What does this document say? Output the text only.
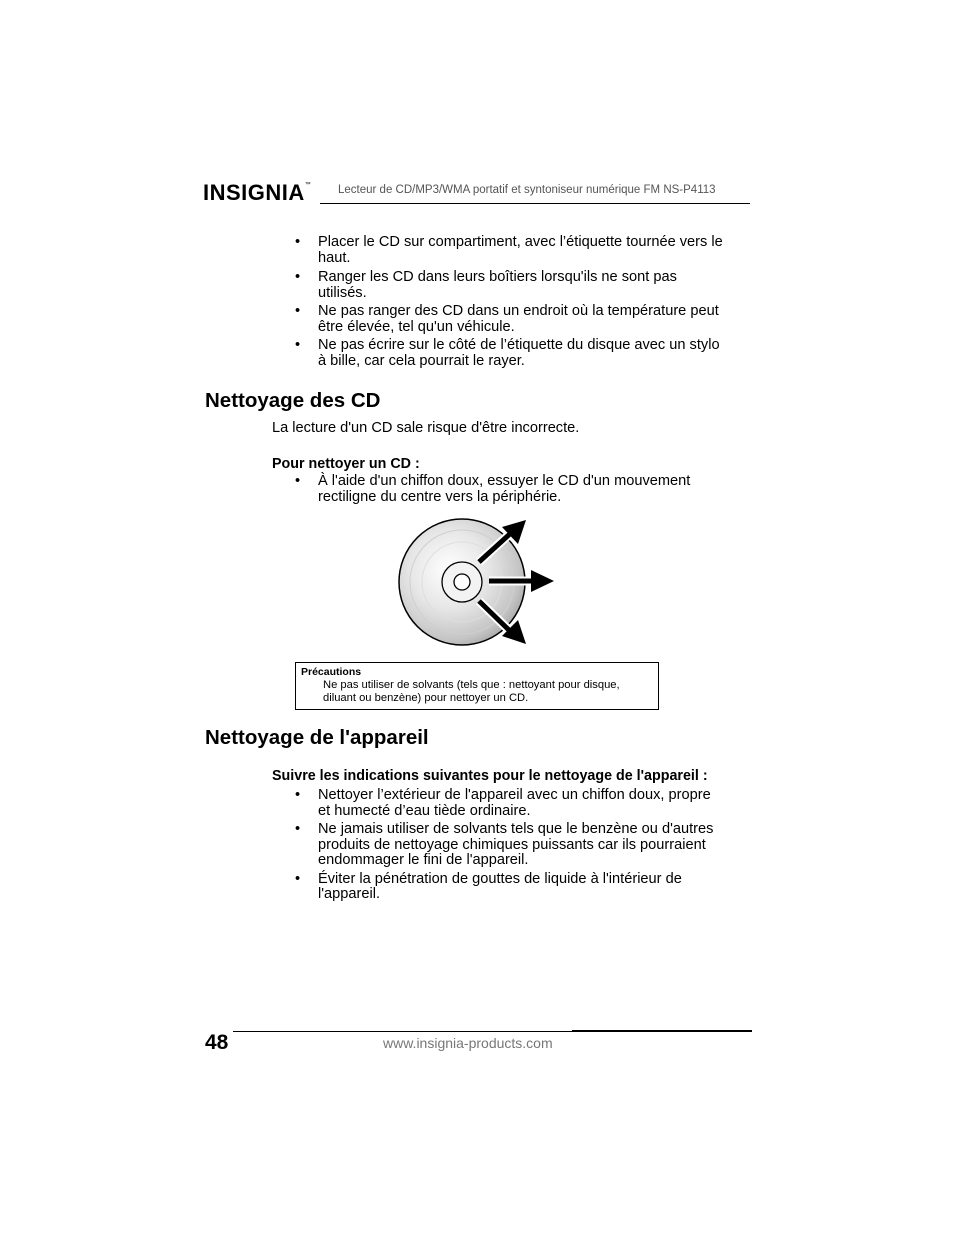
INSIGNIA™ Lecteur de CD/MP3/WMA portatif et syntoniseur numérique FM NS-P4113
• Placer le CD sur compartiment, avec l’étiquette tournée vers le
haut.
• Ranger les CD dans leurs boîtiers lorsqu'ils ne sont pas
utilisés.
• Ne pas ranger des CD dans un endroit où la température peut
être élevée, tel qu'un véhicule.
• Ne pas écrire sur le côté de l’étiquette du disque avec un stylo
à bille, car cela pourrait le rayer.
Nettoyage des CD
La lecture d'un CD sale risque d'être incorrecte.
Pour nettoyer un CD :
• À l'aide d'un chiffon doux, essuyer le CD d'un mouvement
rectiligne du centre vers la périphérie.
Précautions
Ne pas utiliser de solvants (tels que : nettoyant pour disque,
diluant ou benzène) pour nettoyer un CD.
Nettoyage de l'appareil
Suivre les indications suivantes pour le nettoyage de l'appareil :
• Nettoyer l’extérieur de l'appareil avec un chiffon doux, propre
et humecté d’eau tiède ordinaire.
• Ne jamais utiliser de solvants tels que le benzène ou d'autres
produits de nettoyage chimiques puissants car ils pourraient
endommager le fini de l'appareil.
• Éviter la pénétration de gouttes de liquide à l'intérieur de
l'appareil.
48	www.insignia-products.com
